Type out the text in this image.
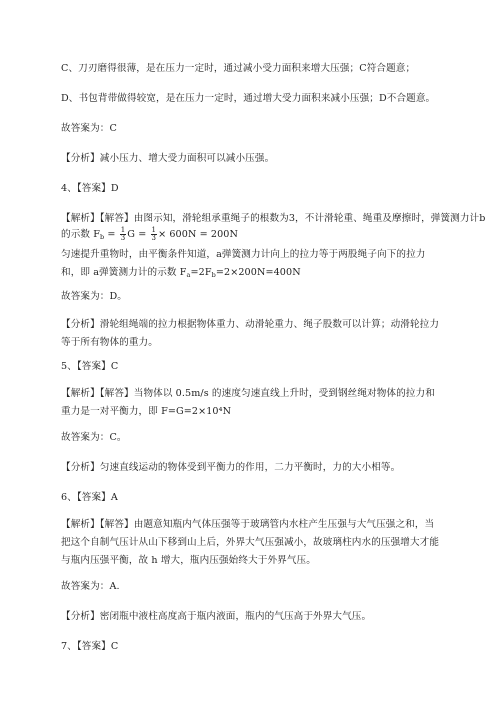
C、刀刃磨得很薄，是在压力一定时，通过减小受力面积来增大压强；C符合题意；
D、书包背带做得较宽，是在压力一定时，通过增大受力面积来减小压强；D不合题意。
故答案为：C
【分析】减小压力、增大受力面积可以减小压强。
4、【答案】D
【解析】【解答】由图示知，滑轮组承重绳子的根数为3，不计滑轮重、绳重及摩擦时，弹簧测力计b
的示数 $F_b = \frac{1}{3}$ $G = \frac{1}{3} \times 600N = 200N$
匀速提升重物时，由平衡条件知道，a弹簧测力计向上的拉力等于两股绳子向下的拉力和，即 a弹簧测力计的示数 $F_a=2F_b=2\times 200N=400N$
故答案为：D。
【分析】滑轮组绳端的拉力根据物体重力、动滑轮重力、绳子股数可以计算；动滑轮拉力等于所有物体的重力。
5、【答案】C
【解析】【解答】当物体以 0.5m/s 的速度匀速直线上升时，受到钢丝绳对物体的拉力和重力是一对平衡力，即 F=G=2×10⁴N
故答案为：C。
【分析】匀速直线运动的物体受到平衡力的作用，二力平衡时，力的大小相等。
6、【答案】A
【解析】【解答】由题意知瓶内气体压强等于玻璃管内水柱产生压强与大气压强之和，当把这个自制气压计从山下移到山上后，外界大气压强减小，故玻璃柱内水的压强增大才能与瓶内压强平衡，故 h 增大，瓶内压强始终大于外界气压。
故答案为：A.
【分析】密闭瓶中液柱高度高于瓶内液面，瓶内的气压高于外界大气压。
7、【答案】C
